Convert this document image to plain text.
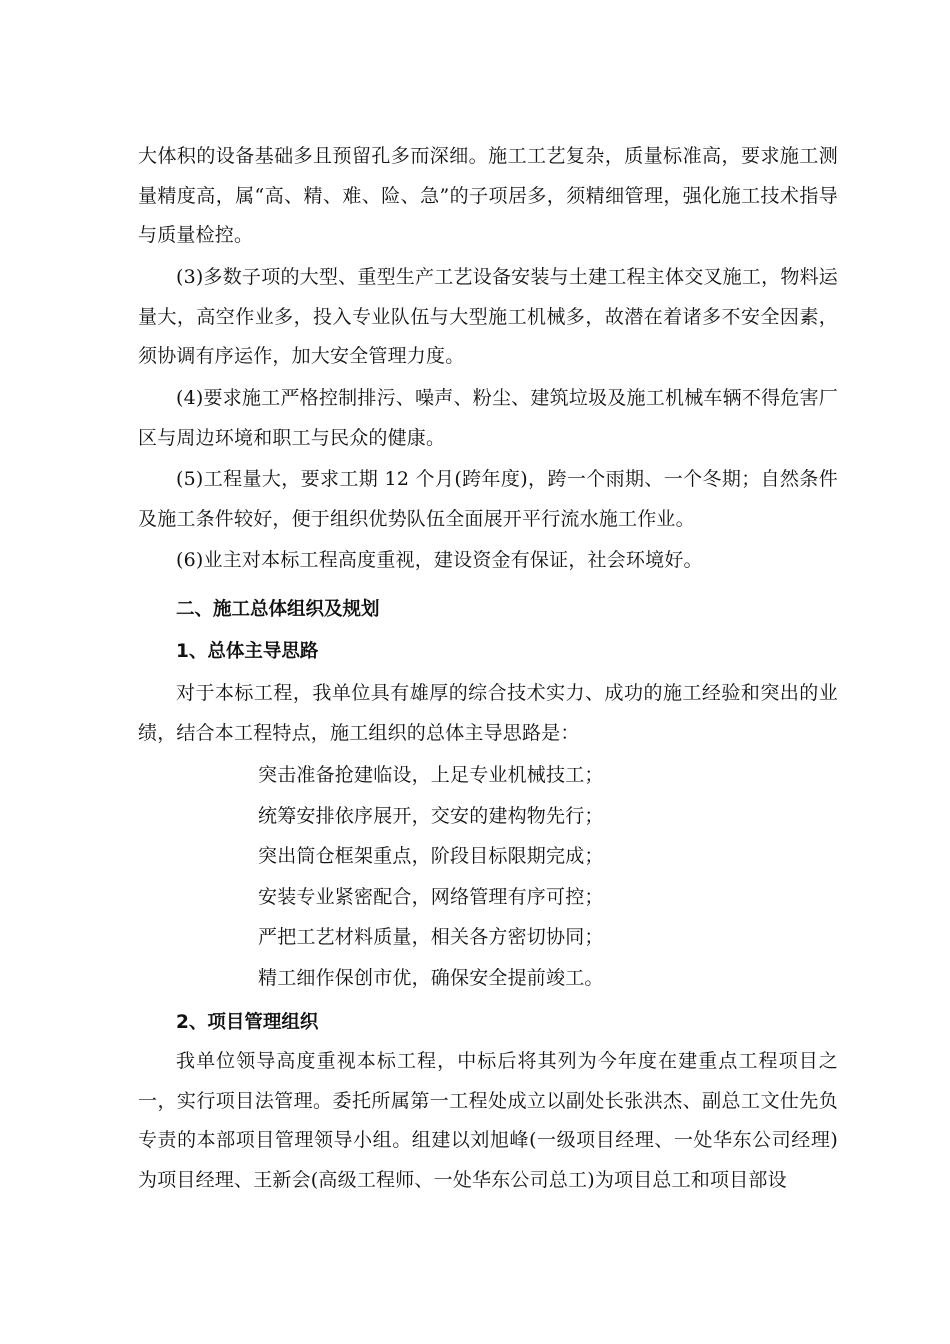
大体积的设备基础多且预留孔多而深细。施工工艺复杂，质量标准高，要求施工测量精度高，属“高、精、难、险、急”的子项居多，须精细管理，强化施工技术指导与质量检控。
(3)多数子项的大型、重型生产工艺设备安装与土建工程主体交叉施工，物料运量大，高空作业多，投入专业队伍与大型施工机械多，故潜在着诸多不安全因素，须协调有序运作，加大安全管理力度。
(4)要求施工严格控制排污、噪声、粉尘、建筑垃圾及施工机械车辆不得危害厂区与周边环境和职工与民众的健康。
(5)工程量大，要求工期 12 个月(跨年度)，跨一个雨期、一个冬期；自然条件及施工条件较好，便于组织优势队伍全面展开平行流水施工作业。
(6)业主对本标工程高度重视，建设资金有保证，社会环境好。
二、施工总体组织及规划
1、总体主导思路
对于本标工程，我单位具有雄厚的综合技术实力、成功的施工经验和突出的业绩，结合本工程特点，施工组织的总体主导思路是：
突击准备抢建临设，上足专业机械技工；
统筹安排依序展开，交安的建构物先行；
突出筒仓框架重点，阶段目标限期完成；
安装专业紧密配合，网络管理有序可控；
严把工艺材料质量，相关各方密切协同；
精工细作保创市优，确保安全提前竣工。
2、项目管理组织
我单位领导高度重视本标工程，中标后将其列为今年度在建重点工程项目之一，实行项目法管理。委托所属第一工程处成立以副处长张洪杰、副总工文仕先负专责的本部项目管理领导小组。组建以刘旭峰(一级项目经理、一处华东公司经理)为项目经理、王新会(高级工程师、一处华东公司总工)为项目总工和项目部设
